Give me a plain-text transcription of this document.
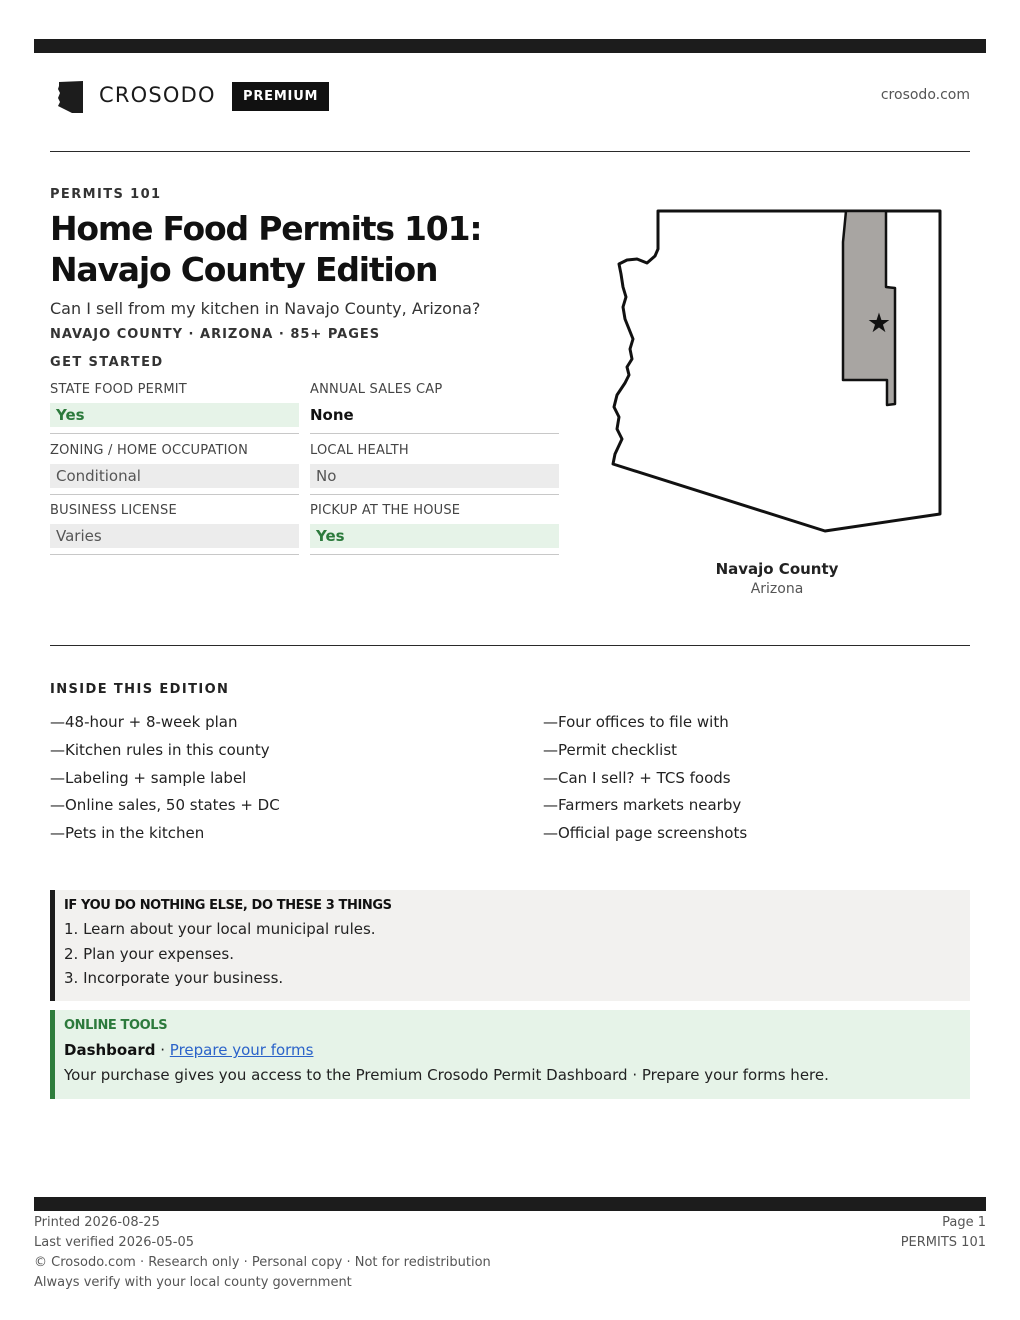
CROSODO	PREMIUM	crosodo.com
PERMITS 101
Home Food Permits 101: Navajo County Edition

Can I sell from my kitchen in Navajo County, Arizona?

NAVAJO COUNTY · ARIZONA · 85+ PAGES
GET STARTED
STATE FOOD PERMIT
Yes
ANNUAL SALES CAP
None
ZONING / HOME OCCUPATION
Conditional
LOCAL HEALTH
No
BUSINESS LICENSE
Varies
PICKUP AT THE HOUSE
Yes
★
Navajo County
Arizona
INSIDE THIS EDITION
—48-hour + 8-week plan
—Kitchen rules in this county
—Labeling + sample label
—Online sales, 50 states + DC
—Pets in the kitchen
—Four offices to file with
—Permit checklist
—Can I sell? + TCS foods
—Farmers markets nearby
—Official page screenshots
IF YOU DO NOTHING ELSE, DO THESE 3 THINGS
1. Learn about your local municipal rules.
2. Plan your expenses.
3. Incorporate your business.
ONLINE TOOLS
Dashboard · Prepare your forms
Your purchase gives you access to the Premium Crosodo Permit Dashboard · Prepare your forms here.
Printed 2026-08-25
Last verified 2026-05-05
© Crosodo.com · Research only · Personal copy · Not for redistribution
Always verify with your local county government
Page 1
PERMITS 101
